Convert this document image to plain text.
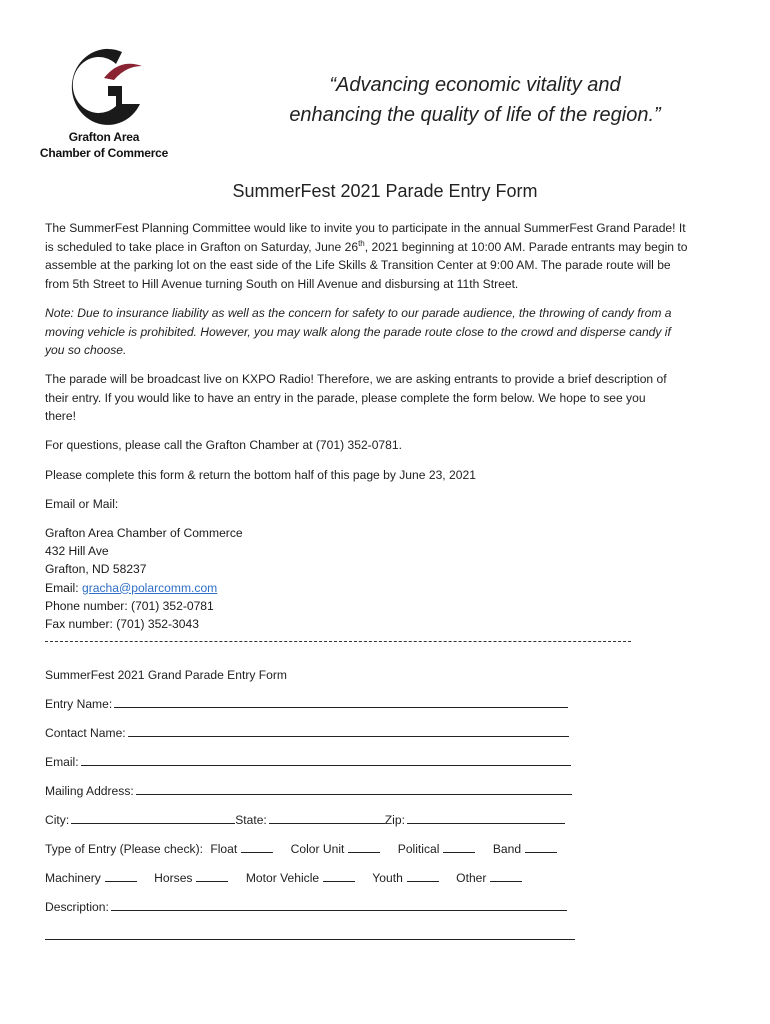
Grafton Area
Chamber of Commerce
“Advancing economic vitality and
enhancing the quality of life of the region.”
SummerFest 2021 Parade Entry Form
The SummerFest Planning Committee would like to invite you to participate in the annual SummerFest Grand Parade! It
is scheduled to take place in Grafton on Saturday, June 26th, 2021 beginning at 10:00 AM. Parade entrants may begin to
assemble at the parking lot on the east side of the Life Skills & Transition Center at 9:00 AM. The parade route will be
from 5th Street to Hill Avenue turning South on Hill Avenue and disbursing at 11th Street.
Note: Due to insurance liability as well as the concern for safety to our parade audience, the throwing of candy from a
moving vehicle is prohibited. However, you may walk along the parade route close to the crowd and disperse candy if
you so choose.
The parade will be broadcast live on KXPO Radio! Therefore, we are asking entrants to provide a brief description of
their entry. If you would like to have an entry in the parade, please complete the form below. We hope to see you
there!
For questions, please call the Grafton Chamber at (701) 352-0781.
Please complete this form & return the bottom half of this page by June 23, 2021
Email or Mail:
Grafton Area Chamber of Commerce
432 Hill Ave
Grafton, ND 58237
Email: gracha@polarcomm.com
Phone number: (701) 352-0781
Fax number: (701) 352-3043
SummerFest 2021 Grand Parade Entry Form
Entry Name:
Contact Name:
Email:
Mailing Address:
City:	State:	Zip:
Type of Entry (Please check): Float	Color Unit	Political	Band
Machinery	Horses	Motor Vehicle	Youth	Other
Description:
